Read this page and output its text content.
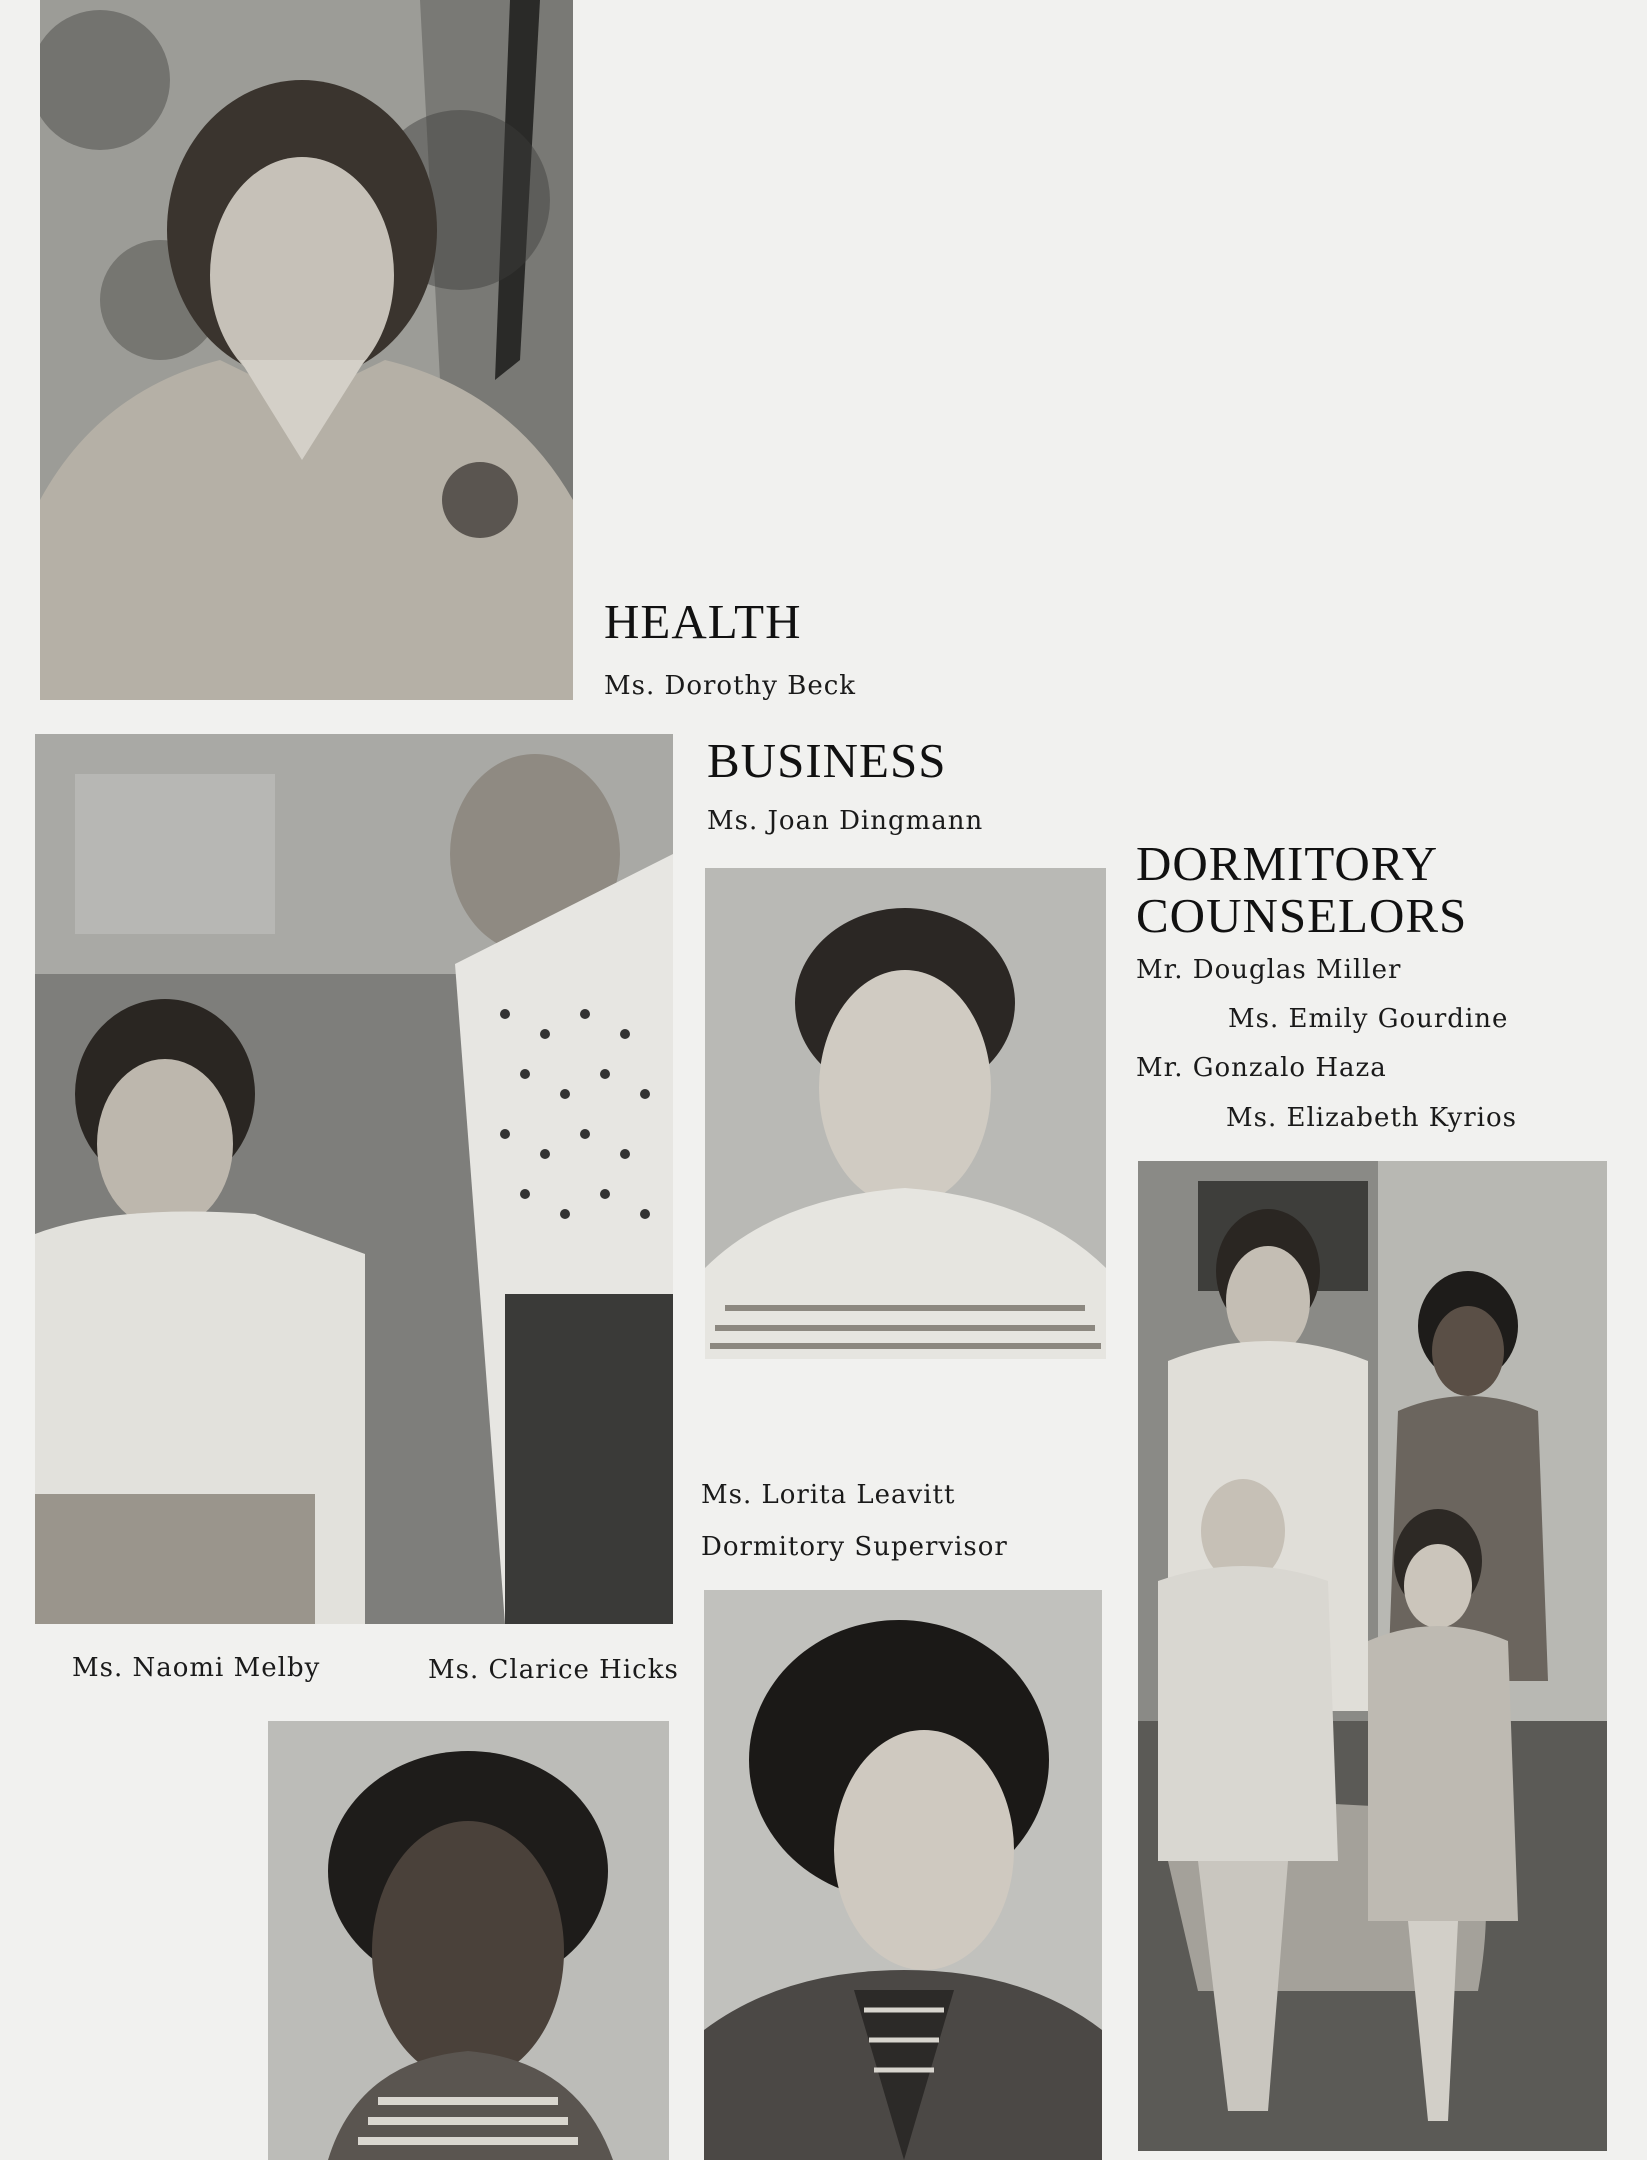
HEALTH
Ms. Dorothy Beck
Ms. Naomi Melby	Ms. Clarice Hicks
BUSINESS
Ms. Joan Dingmann
Ms. Lorita Leavitt
Dormitory Supervisor
DORMITORY
COUNSELORS
Mr. Douglas Miller
Ms. Emily Gourdine
Mr. Gonzalo Haza
Ms. Elizabeth Kyrios
